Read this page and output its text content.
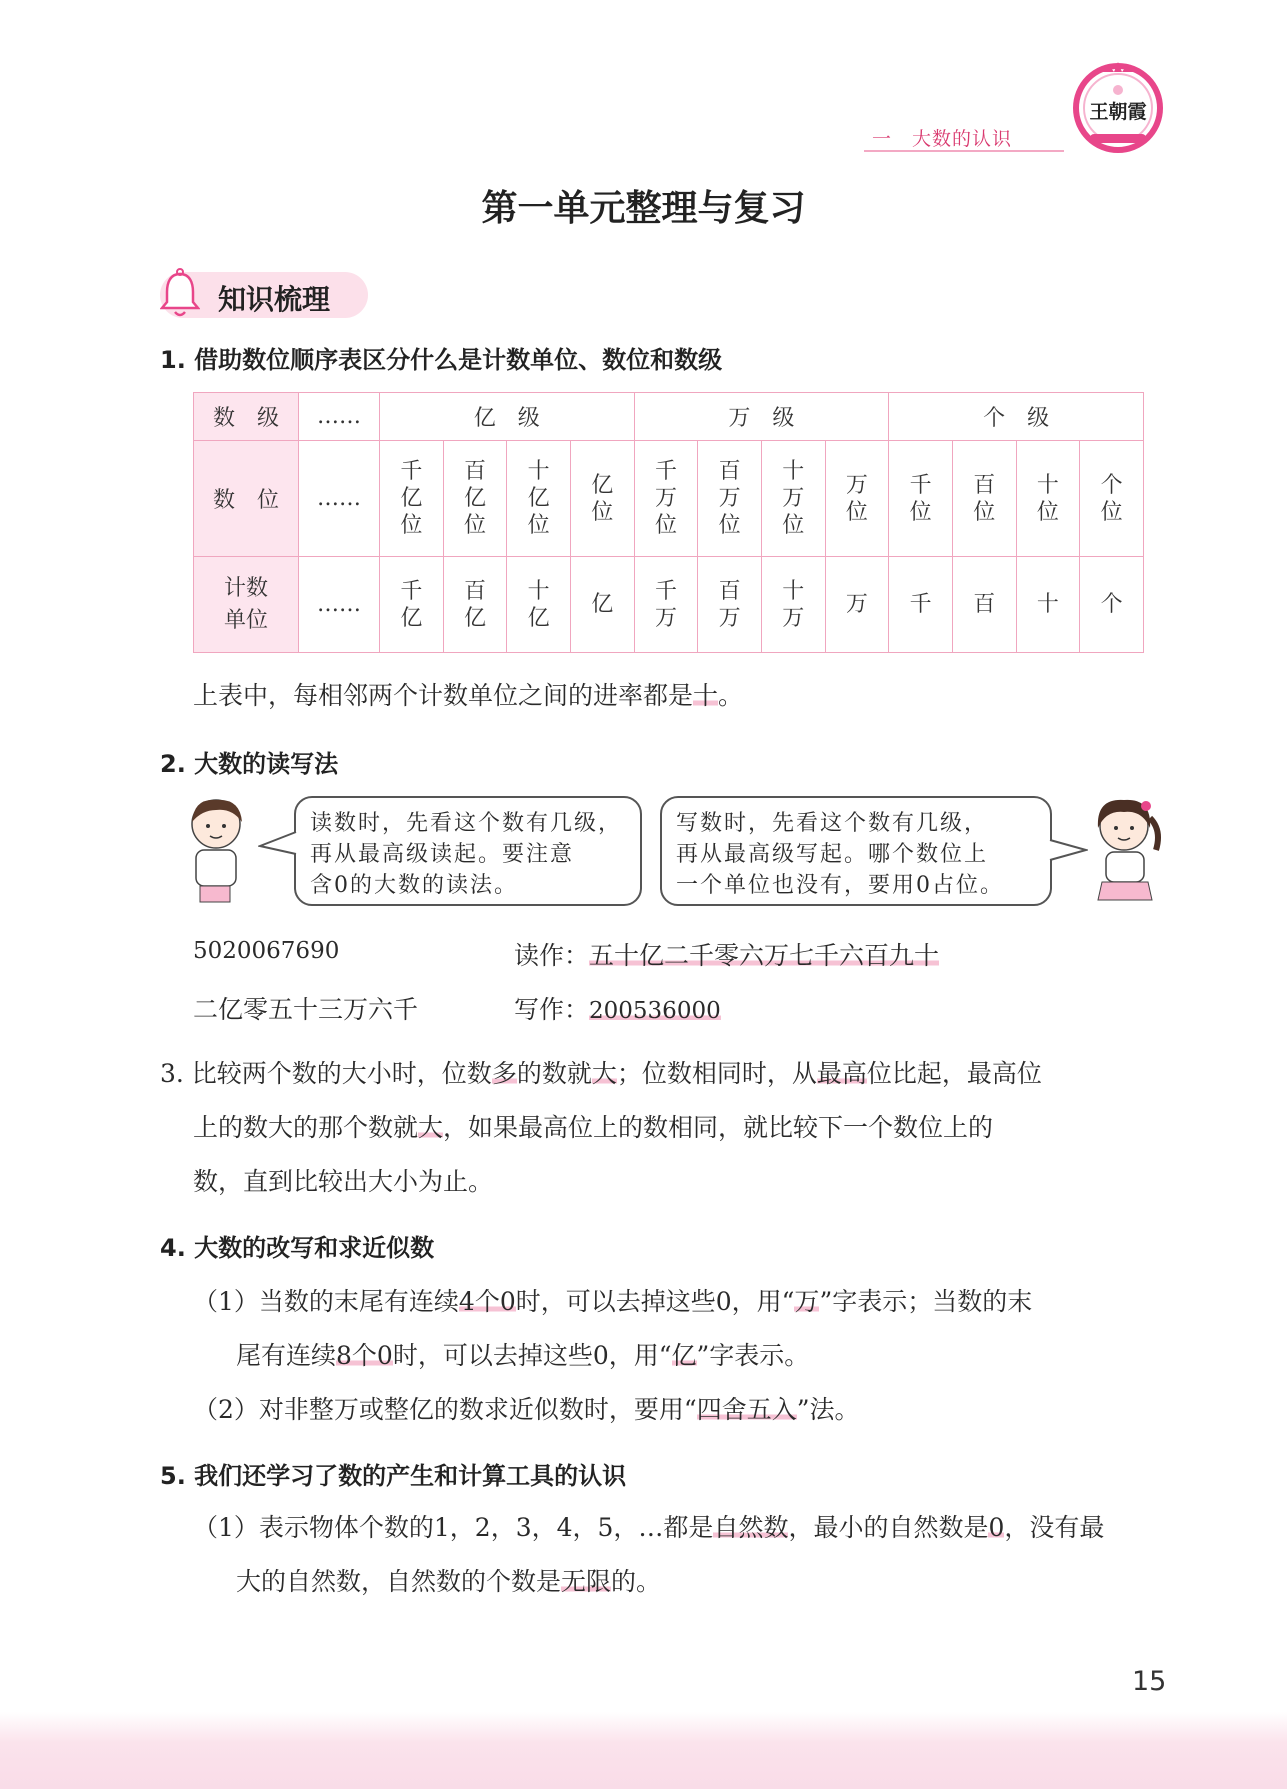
王朝霞
一　大数的认识
第一单元整理与复习
知识梳理
1. 借助数位顺序表区分什么是计数单位、数位和数级
数　级	……	亿　级				万　级				个　级			
数　位	……	千亿位	百亿位	十亿位	亿位	千万位	百万位	十万位	万位	千位	百位	十位	个位
计数单位	……	千亿	百亿	十亿	亿	千万	百万	十万	万	千	百	十	个
上表中，每相邻两个计数单位之间的进率都是十。
2. 大数的读写法
读数时，先看这个数有几级，
再从最高级读起。要注意
含0的大数的读法。
写数时，先看这个数有几级，
再从最高级写起。哪个数位上
一个单位也没有，要用0占位。
5020067690	读作：五十亿二千零六万七千六百九十
二亿零五十三万六千	写作：200536000
3. 比较两个数的大小时，位数多的数就大；位数相同时，从最高位比起，最高位
上的数大的那个数就大，如果最高位上的数相同，就比较下一个数位上的
数，直到比较出大小为止。
4. 大数的改写和求近似数
（1）当数的末尾有连续4个0时，可以去掉这些0，用“万”字表示；当数的末
尾有连续8个0时，可以去掉这些0，用“亿”字表示。
（2）对非整万或整亿的数求近似数时，要用“四舍五入”法。
5. 我们还学习了数的产生和计算工具的认识
（1）表示物体个数的1，2，3，4，5，…都是自然数，最小的自然数是0，没有最
大的自然数，自然数的个数是无限的。
15
